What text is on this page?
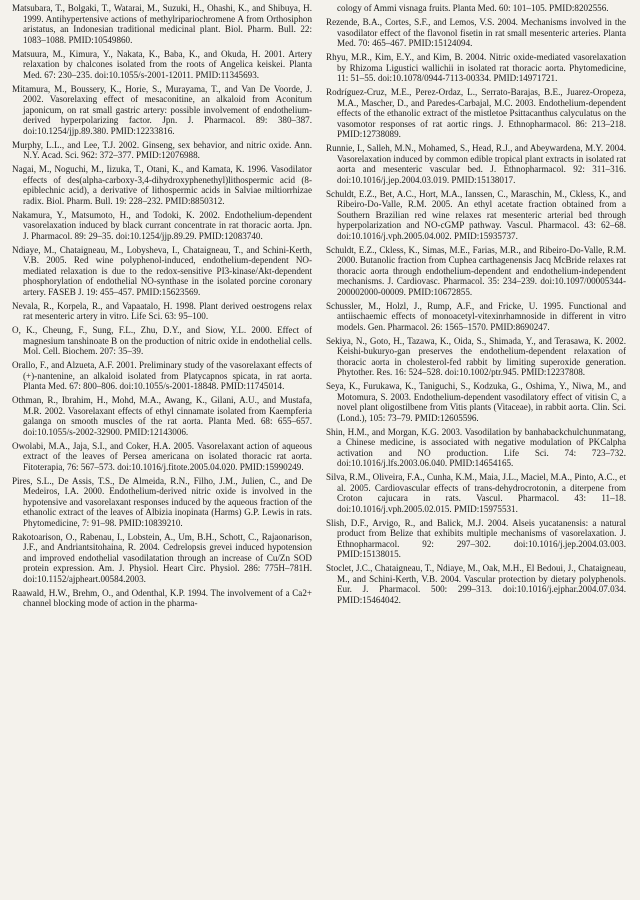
Matsubara, T., Bolgaki, T., Watarai, M., Suzuki, H., Ohashi, K., and Shibuya, H. 1999. Antihypertensive actions of methylripariochromene A from Orthosiphon aristatus, an Indonesian traditional medicinal plant. Biol. Pharm. Bull. 22: 1083–1088. PMID:10549860.

Matsuura, M., Kimura, Y., Nakata, K., Baba, K., and Okuda, H. 2001. Artery relaxation by chalcones isolated from the roots of Angelica keiskei. Planta Med. 67: 230–235. doi:10.1055/s-2001-12011. PMID:11345693.

Mitamura, M., Boussery, K., Horie, S., Murayama, T., and Van De Voorde, J. 2002. Vasorelaxing effect of mesaconitine, an alkaloid from Aconitum japonicum, on rat small gastric artery: possible involvement of endothelium-derived hyperpolarizing factor. Jpn. J. Pharmacol. 89: 380–387. doi:10.1254/jjp.89.380. PMID:12233816.

Murphy, L.L., and Lee, T.J. 2002. Ginseng, sex behavior, and nitric oxide. Ann. N.Y. Acad. Sci. 962: 372–377. PMID:12076988.

Nagai, M., Noguchi, M., Iizuka, T., Otani, K., and Kamata, K. 1996. Vasodilator effects of des(alpha-carboxy-3,4-dihydroxyphenethyl)lithospermic acid (8-epiblechnic acid), a derivative of lithospermic acids in Salviae miltiorrhizae radix. Biol. Pharm. Bull. 19: 228–232. PMID:8850312.

Nakamura, Y., Matsumoto, H., and Todoki, K. 2002. Endothelium-dependent vasorelaxation induced by black currant concentrate in rat thoracic aorta. Jpn. J. Pharmacol. 89: 29–35. doi:10.1254/jjp.89.29. PMID:12083740.

Ndiaye, M., Chataigneau, M., Lobysheva, I., Chataigneau, T., and Schini-Kerth, V.B. 2005. Red wine polyphenol-induced, endothelium-dependent NO-mediated relaxation is due to the redox-sensitive PI3-kinase/Akt-dependent phosphorylation of endothelial NO-synthase in the isolated porcine coronary artery. FASEB J. 19: 455–457. PMID:15623569.

Nevala, R., Korpela, R., and Vapaatalo, H. 1998. Plant derived oestrogens relax rat mesenteric artery in vitro. Life Sci. 63: 95–100.

O, K., Cheung, F., Sung, F.L., Zhu, D.Y., and Siow, Y.L. 2000. Effect of magnesium tanshinoate B on the production of nitric oxide in endothelial cells. Mol. Cell. Biochem. 207: 35–39.

Orallo, F., and Alzueta, A.F. 2001. Preliminary study of the vasorelaxant effects of (+)-nantenine, an alkaloid isolated from Platycapnos spicata, in rat aorta. Planta Med. 67: 800–806. doi:10.1055/s-2001-18848. PMID:11745014.

Othman, R., Ibrahim, H., Mohd, M.A., Awang, K., Gilani, A.U., and Mustafa, M.R. 2002. Vasorelaxant effects of ethyl cinnamate isolated from Kaempferia galanga on smooth muscles of the rat aorta. Planta Med. 68: 655–657. doi:10.1055/s-2002-32900. PMID:12143006.

Owolabi, M.A., Jaja, S.I., and Coker, H.A. 2005. Vasorelaxant action of aqueous extract of the leaves of Persea americana on isolated thoracic rat aorta. Fitoterapia, 76: 567–573. doi:10.1016/j.fitote.2005.04.020. PMID:15990249.

Pires, S.L., De Assis, T.S., De Almeida, R.N., Filho, J.M., Julien, C., and De Medeiros, I.A. 2000. Endothelium-derived nitric oxide is involved in the hypotensive and vasorelaxant responses induced by the aqueous fraction of the ethanolic extract of the leaves of Albizia inopinata (Harms) G.P. Lewis in rats. Phytomedicine, 7: 91–98. PMID:10839210.

Rakotoarison, O., Rabenau, I., Lobstein, A., Um, B.H., Schott, C., Rajaonarison, J.F., and Andriantsitohaina, R. 2004. Cedrelopsis grevei induced hypotension and improved endothelial vasodilatation through an increase of Cu/Zn SOD protein expression. Am. J. Physiol. Heart Circ. Physiol. 286: 775H–781H. doi:10.1152/ajpheart.00584.2003.

Raawald, H.W., Brehm, O., and Odenthal, K.P. 1994. The involvement of a Ca2+ channel blocking mode of action in the pharma-

cology of Ammi visnaga fruits. Planta Med. 60: 101–105. PMID:8202556.

Rezende, B.A., Cortes, S.F., and Lemos, V.S. 2004. Mechanisms involved in the vasodilator effect of the flavonol fisetin in rat small mesenteric arteries. Planta Med. 70: 465–467. PMID:15124094.

Rhyu, M.R., Kim, E.Y., and Kim, B. 2004. Nitric oxide-mediated vasorelaxation by Rhizoma Ligustici wallichii in isolated rat thoracic aorta. Phytomedicine, 11: 51–55. doi:10.1078/0944-7113-00334. PMID:14971721.

Rodríguez-Cruz, M.E., Perez-Ordaz, L., Serrato-Barajas, B.E., Juarez-Oropeza, M.A., Mascher, D., and Paredes-Carbajal, M.C. 2003. Endothelium-dependent effects of the ethanolic extract of the mistletoe Psittacanthus calyculatus on the vasomotor responses of rat aortic rings. J. Ethnopharmacol. 86: 213–218. PMID:12738089.

Runnie, I., Salleh, M.N., Mohamed, S., Head, R.J., and Abeywardena, M.Y. 2004. Vasorelaxation induced by common edible tropical plant extracts in isolated rat aorta and mesenteric vascular bed. J. Ethnopharmacol. 92: 311–316. doi:10.1016/j.jep.2004.03.019. PMID:15138017.

Schuldt, E.Z., Bet, A.C., Hort, M.A., Ianssen, C., Maraschin, M., Ckless, K., and Ribeiro-Do-Valle, R.M. 2005. An ethyl acetate fraction obtained from a Southern Brazilian red wine relaxes rat mesenteric arterial bed through hyperpolarization and NO-cGMP pathway. Vascul. Pharmacol. 43: 62–68. doi:10.1016/j.vph.2005.04.002. PMID:15935737.

Schuldt, E.Z., Ckless, K., Simas, M.E., Farias, M.R., and Ribeiro-Do-Valle, R.M. 2000. Butanolic fraction from Cuphea carthagenensis Jacq McBride relaxes rat thoracic aorta through endothelium-dependent and endothelium-independent mechanisms. J. Cardiovasc. Pharmacol. 35: 234–239. doi:10.1097/00005344-200002000-00009. PMID:10672855.

Schussler, M., Holzl, J., Rump, A.F., and Fricke, U. 1995. Functional and antiischaemic effects of monoacetyl-vitexinrhamnoside in different in vitro models. Gen. Pharmacol. 26: 1565–1570. PMID:8690247.

Sekiya, N., Goto, H., Tazawa, K., Oida, S., Shimada, Y., and Terasawa, K. 2002. Keishi-bukuryo-gan preserves the endothelium-dependent relaxation of thoracic aorta in cholesterol-fed rabbit by limiting superoxide generation. Phytother. Res. 16: 524–528. doi:10.1002/ptr.945. PMID:12237808.

Seya, K., Furukawa, K., Taniguchi, S., Kodzuka, G., Oshima, Y., Niwa, M., and Motomura, S. 2003. Endothelium-dependent vasodilatory effect of vitisin C, a novel plant oligostilbene from Vitis plants (Vitaceae), in rabbit aorta. Clin. Sci. (Lond.), 105: 73–79. PMID:12605596.

Shin, H.M., and Morgan, K.G. 2003. Vasodilation by banhabackchulchunmatang, a Chinese medicine, is associated with negative modulation of PKCalpha activation and NO production. Life Sci. 74: 723–732. doi:10.1016/j.lfs.2003.06.040. PMID:14654165.

Silva, R.M., Oliveira, F.A., Cunha, K.M., Maia, J.L., Maciel, M.A., Pinto, A.C., et al. 2005. Cardiovascular effects of trans-dehydrocrotonin, a diterpene from Croton cajucara in rats. Vascul. Pharmacol. 43: 11–18. doi:10.1016/j.vph.2005.02.015. PMID:15975531.

Slish, D.F., Arvigo, R., and Balick, M.J. 2004. Alseis yucatanensis: a natural product from Belize that exhibits multiple mechanisms of vasorelaxation. J. Ethnopharmacol. 92: 297–302. doi:10.1016/j.jep.2004.03.003. PMID:15138015.

Stoclet, J.C., Chataigneau, T., Ndiaye, M., Oak, M.H., El Bedoui, J., Chataigneau, M., and Schini-Kerth, V.B. 2004. Vascular protection by dietary polyphenols. Eur. J. Pharmacol. 500: 299–313. doi:10.1016/j.ejphar.2004.07.034. PMID:15464042.
